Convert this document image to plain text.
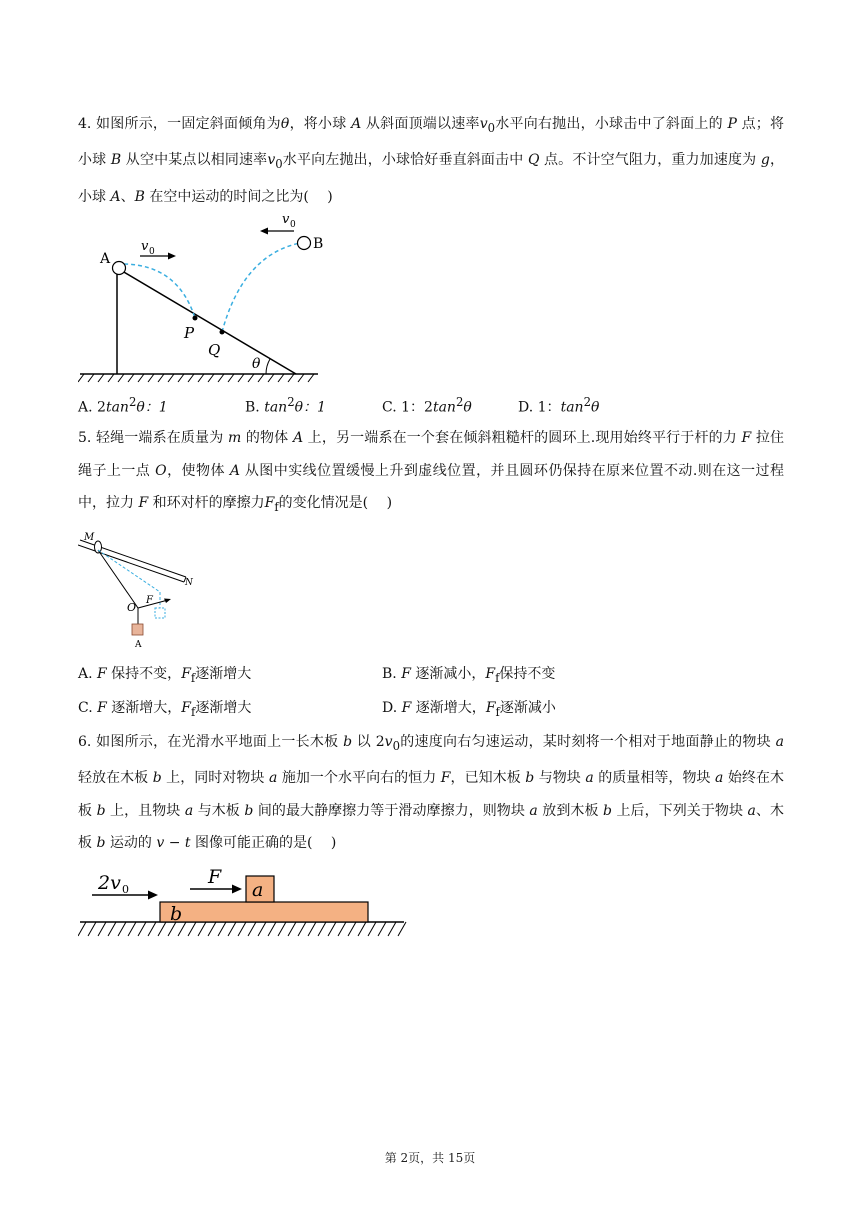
4. 如图所示，一固定斜面倾角为θ，将小球 A 从斜面顶端以速率$v_0$水平向右抛出，小球击中了斜面上的 P 点；将小球 B 从空中某点以相同速率$v_0$水平向左抛出，小球恰好垂直斜面击中 Q 点。不计空气阻力，重力加速度为 g，小球 A、B 在空中运动的时间之比为(　 )
A
B
P
Q
θ
v 0
v 0
A. $2\tan^2\theta$：1	B. $\tan^2\theta$：1	C. 1：$2\tan^2\theta$	D. 1：$\tan^2\theta$
5. 轻绳一端系在质量为 m 的物体 A 上，另一端系在一个套在倾斜粗糙杆的圆环上.现用始终平行于杆的力 F 拉住绳子上一点 O，使物体 A 从图中实线位置缓慢上升到虚线位置，并且圆环仍保持在原来位置不动.则在这一过程中，拉力 F 和环对杆的摩擦力$F_f$的变化情况是(　 )
M
N
O
F
A
A. F 保持不变，$F_f$逐渐增大	B. F 逐渐减小，$F_f$保持不变
C. F 逐渐增大，$F_f$逐渐增大	D. F 逐渐增大，$F_f$逐渐减小
6. 如图所示，在光滑水平地面上一长木板 b 以 $2v_0$的速度向右匀速运动，某时刻将一个相对于地面静止的物块 a 轻放在木板 b 上，同时对物块 a 施加一个水平向右的恒力 F，已知木板 b 与物块 a 的质量相等，物块 a 始终在木板 b 上，且物块 a 与木板 b 间的最大静摩擦力等于滑动摩擦力，则物块 a 放到木板 b 上后，下列关于物块 a、木板 b 运动的 v − t 图像可能正确的是(　 )
2v 0
F
a
b
第 2页，共 15页
